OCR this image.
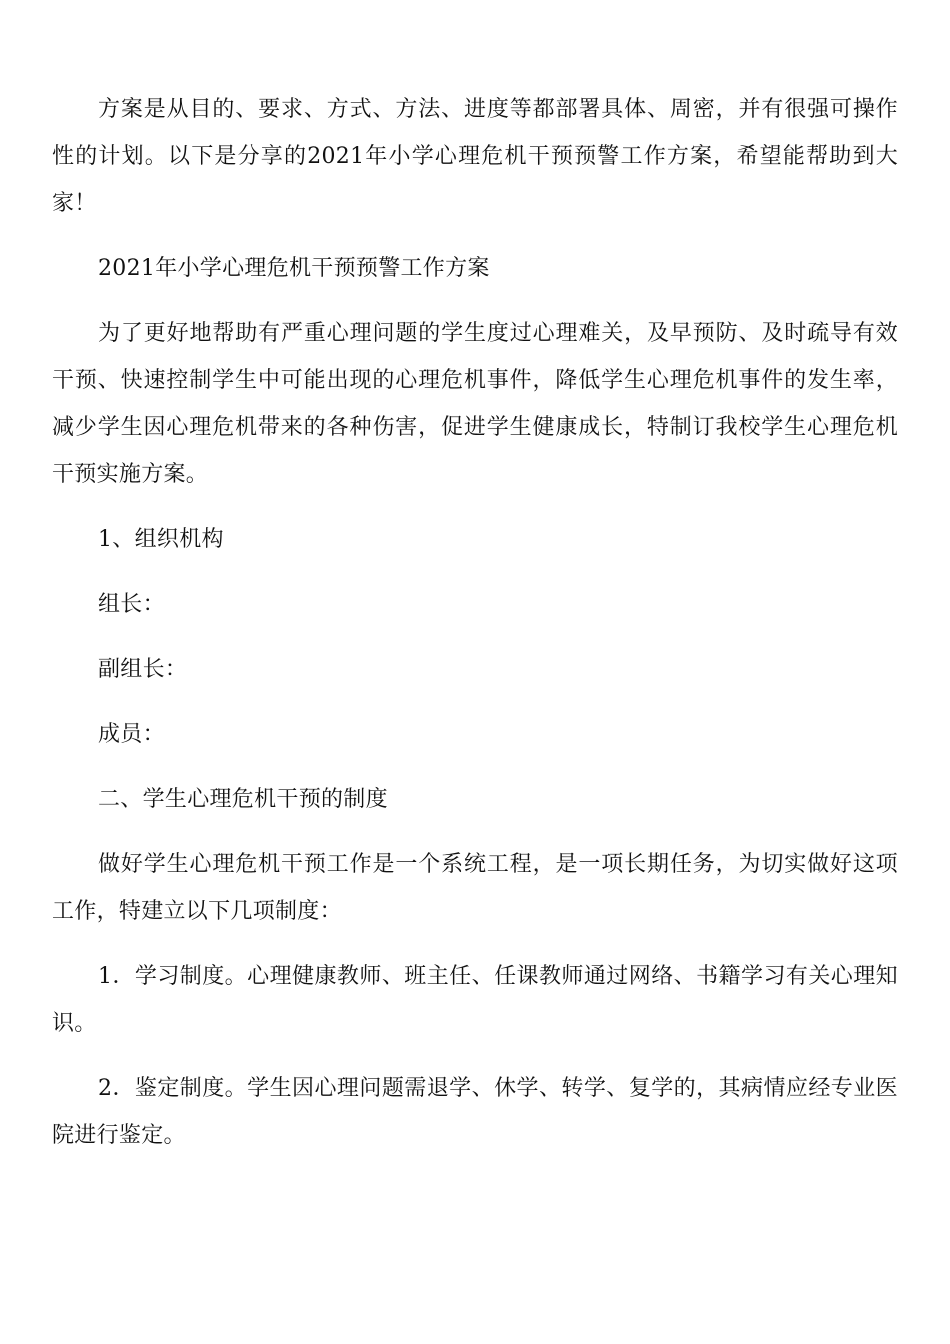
方案是从目的、要求、方式、方法、进度等都部署具体、周密，并有很强可操作性的计划。以下是分享的2021年小学心理危机干预预警工作方案，希望能帮助到大家！

2021年小学心理危机干预预警工作方案

为了更好地帮助有严重心理问题的学生度过心理难关，及早预防、及时疏导有效干预、快速控制学生中可能出现的心理危机事件，降低学生心理危机事件的发生率，减少学生因心理危机带来的各种伤害，促进学生健康成长，特制订我校学生心理危机干预实施方案。

1、组织机构

组长：

副组长：

成员：

二、学生心理危机干预的制度

做好学生心理危机干预工作是一个系统工程，是一项长期任务，为切实做好这项工作，特建立以下几项制度：

1．学习制度。心理健康教师、班主任、任课教师通过网络、书籍学习有关心理知识。

2．鉴定制度。学生因心理问题需退学、休学、转学、复学的，其病情应经专业医院进行鉴定。
